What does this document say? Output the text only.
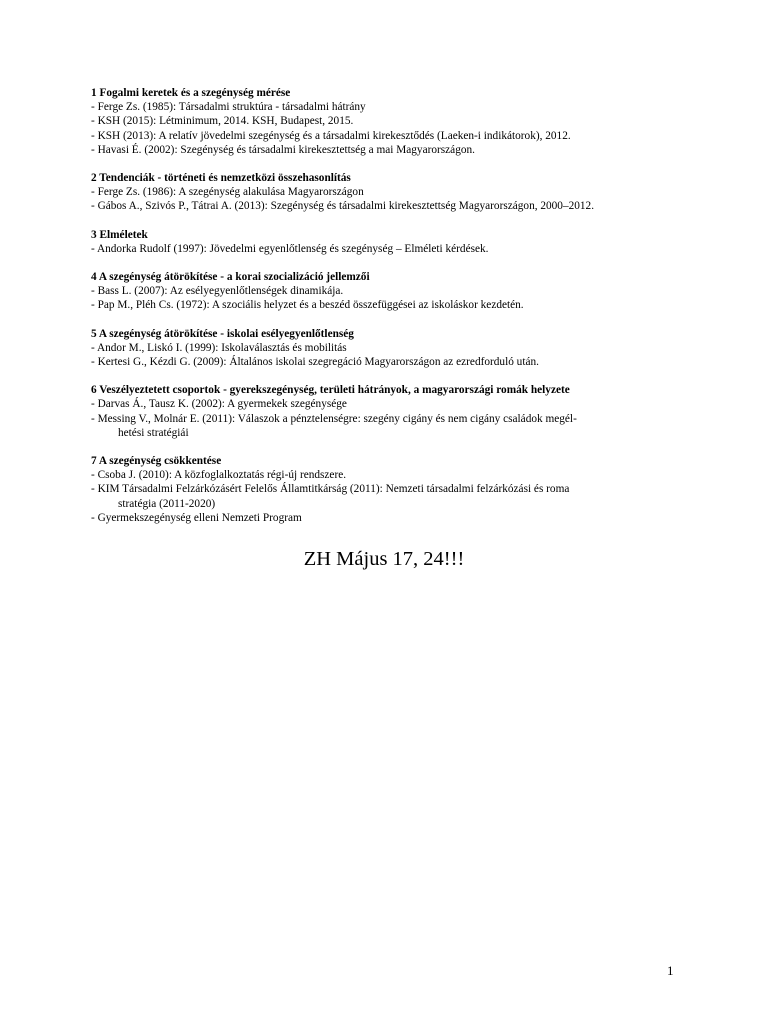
1 Fogalmi keretek és a szegénység mérése
- Ferge Zs. (1985): Társadalmi struktúra - társadalmi hátrány
- KSH (2015): Létminimum, 2014. KSH, Budapest, 2015.
- KSH (2013): A relatív jövedelmi szegénység és a társadalmi kirekesztődés (Laeken-i indikátorok), 2012.
- Havasi É. (2002): Szegénység és társadalmi kirekesztettség a mai Magyarországon.
2 Tendenciák - történeti és nemzetközi összehasonlítás
- Ferge Zs. (1986): A szegénység alakulása Magyarországon
- Gábos A., Szivós P., Tátrai A. (2013): Szegénység és társadalmi kirekesztettség Magyarországon, 2000–2012.
3 Elméletek
- Andorka Rudolf (1997): Jövedelmi egyenlőtlenség és szegénység – Elméleti kérdések.
4 A szegénység átörökítése - a korai szocializáció jellemzői
- Bass L. (2007): Az esélyegyenlőtlenségek dinamikája.
- Pap M., Pléh Cs. (1972): A szociális helyzet és a beszéd összefüggései az iskoláskor kezdetén.
5 A szegénység átörökítése - iskolai esélyegyenlőtlenség
- Andor M., Liskó I. (1999): Iskolaválasztás és mobilitás
- Kertesi G., Kézdi G. (2009): Általános iskolai szegregáció Magyarországon az ezredforduló után.
6 Veszélyeztetett csoportok - gyerekszegénység, területi hátrányok, a magyarországi romák helyzete
- Darvas Á., Tausz K. (2002): A gyermekek szegénysége
- Messing V., Molnár E. (2011): Válaszok a pénztelenségre: szegény cigány és nem cigány családok megél-
hetési stratégiái
7 A szegénység csökkentése
- Csoba J. (2010): A közfoglalkoztatás régi-új rendszere.
- KIM Társadalmi Felzárkózásért Felelős Államtitkárság (2011): Nemzeti társadalmi felzárkózási és roma
stratégia (2011-2020)
- Gyermekszegénység elleni Nemzeti Program
ZH Május 17, 24!!!
1
